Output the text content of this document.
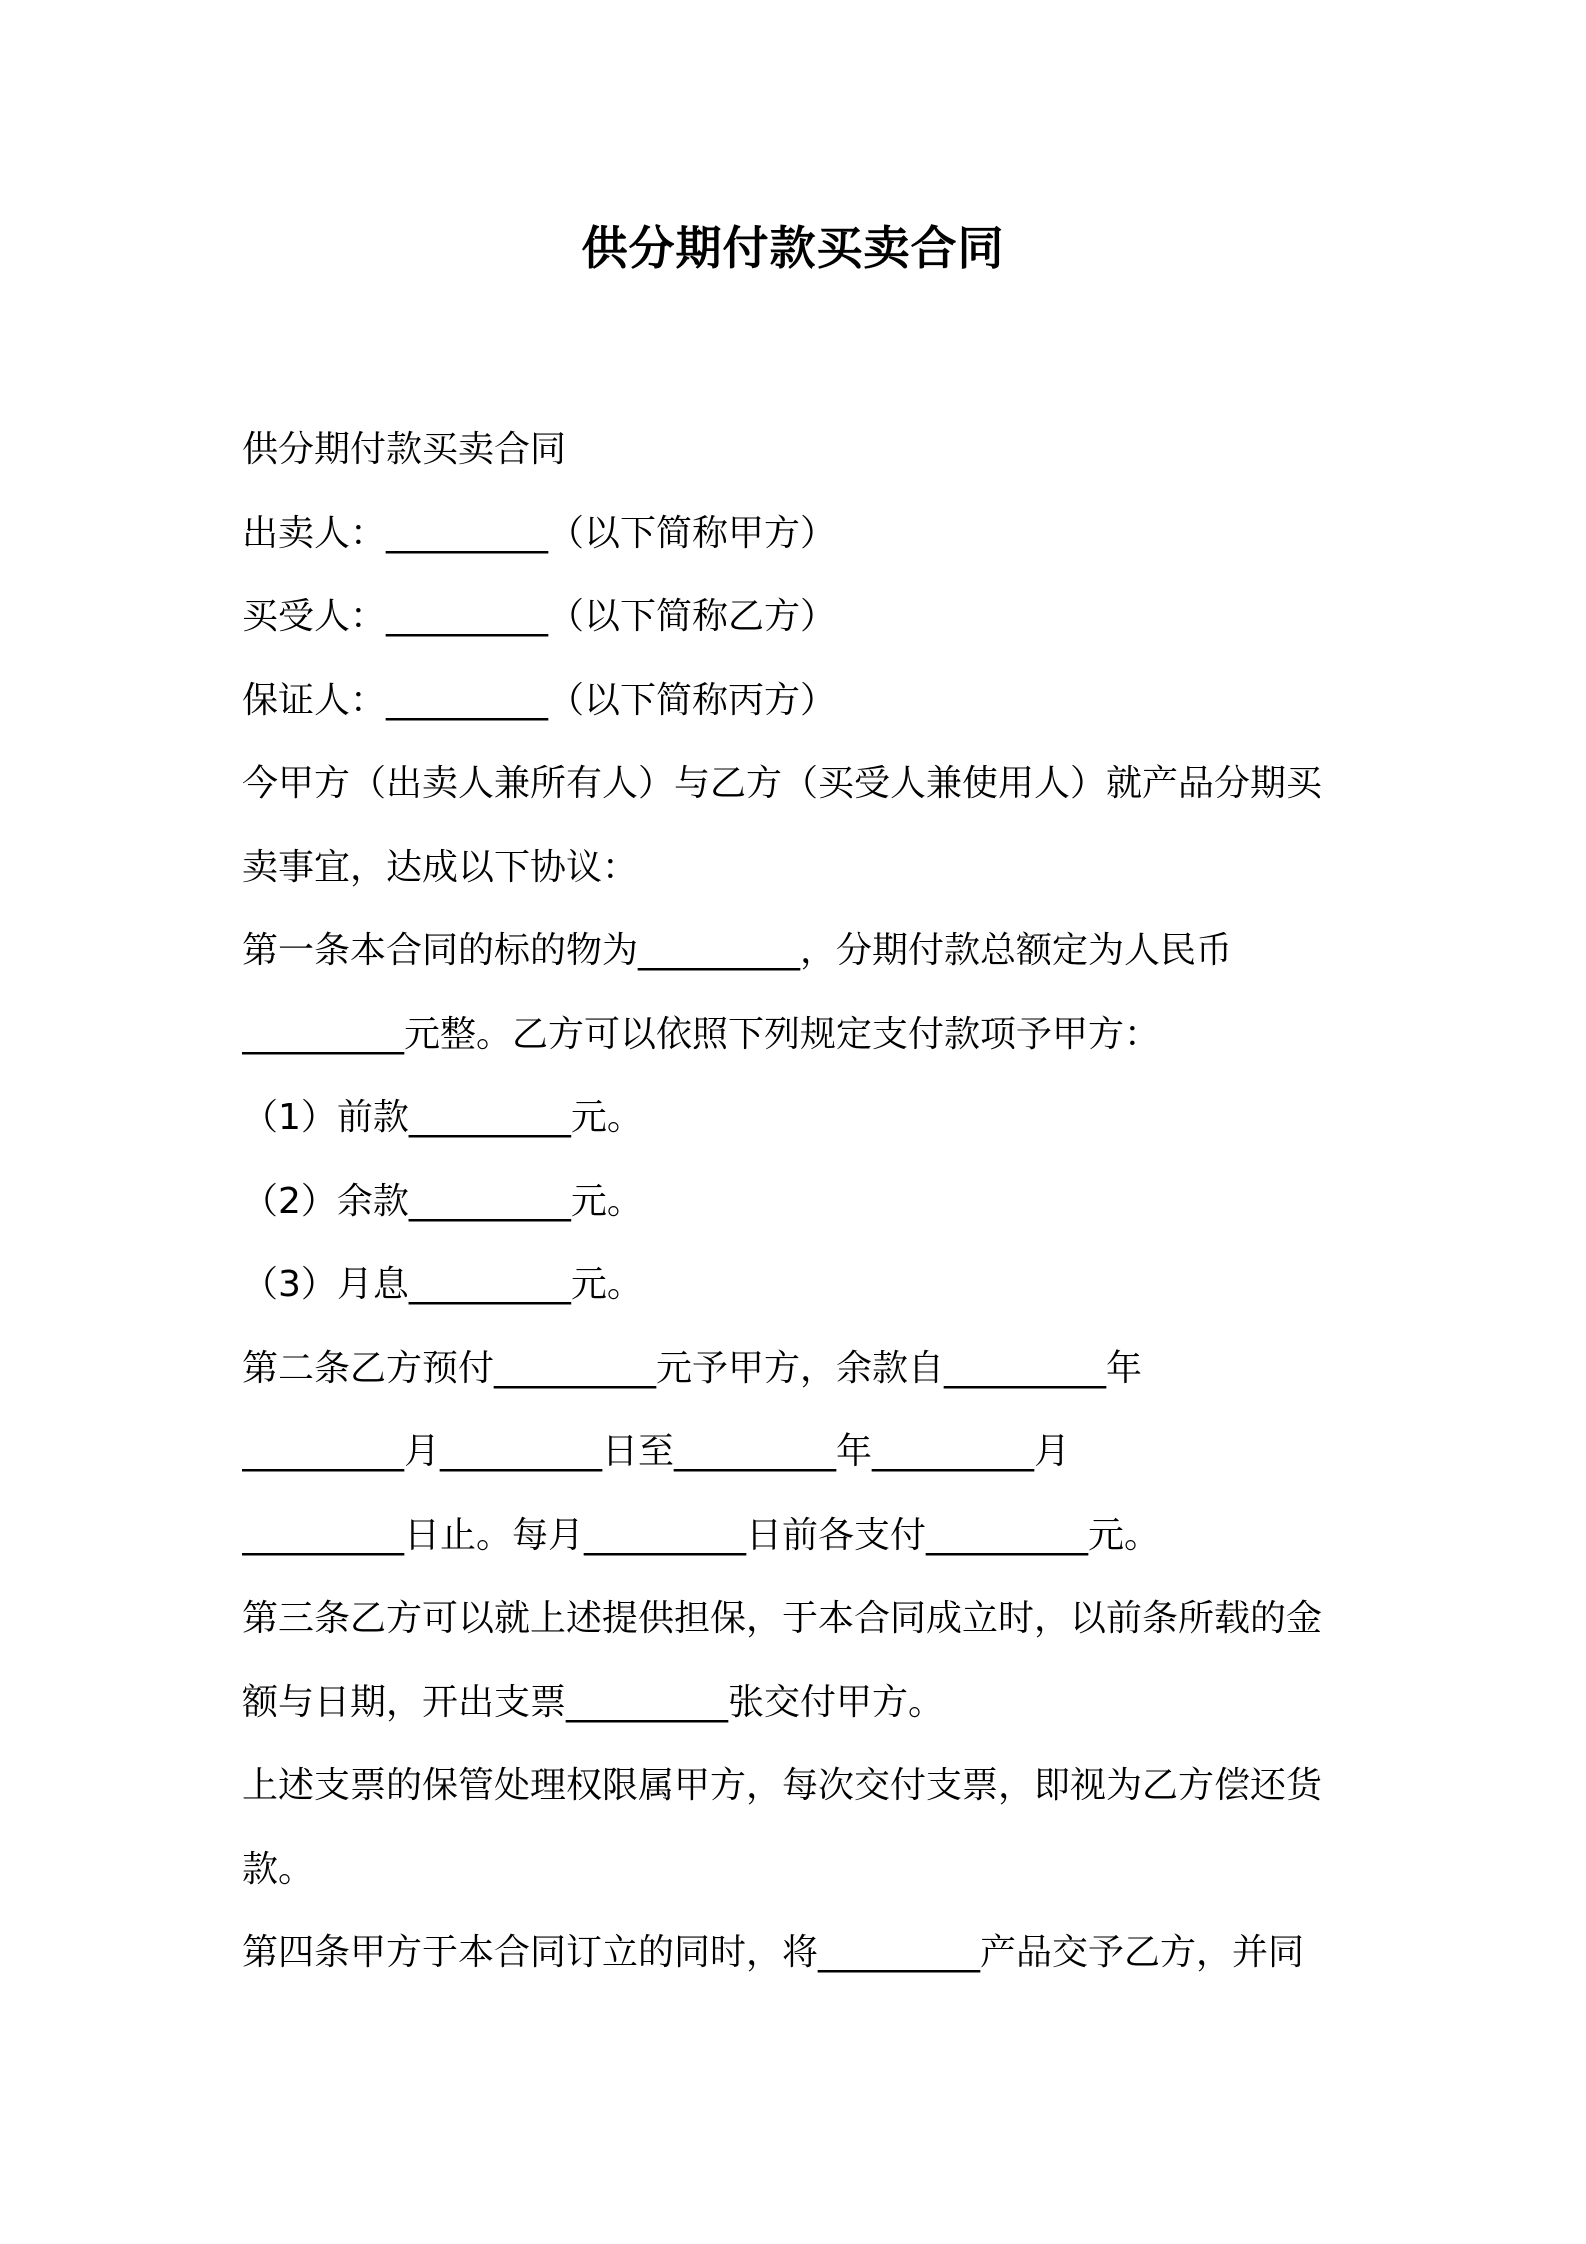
供分期付款买卖合同
供分期付款买卖合同
出卖人：_________（以下简称甲方）
买受人：_________（以下简称乙方）
保证人：_________（以下简称丙方）
今甲方（出卖人兼所有人）与乙方（买受人兼使用人）就产品分期买
卖事宜，达成以下协议：
第一条本合同的标的物为_________，分期付款总额定为人民币
_________元整。乙方可以依照下列规定支付款项予甲方：
（1）前款_________元。
（2）余款_________元。
（3）月息_________元。
第二条乙方预付_________元予甲方，余款自_________年
_________月_________日至_________年_________月
_________日止。每月_________日前各支付_________元。
第三条乙方可以就上述提供担保，于本合同成立时，以前条所载的金
额与日期，开出支票_________张交付甲方。
上述支票的保管处理权限属甲方，每次交付支票，即视为乙方偿还货
款。
第四条甲方于本合同订立的同时，将_________产品交予乙方，并同
